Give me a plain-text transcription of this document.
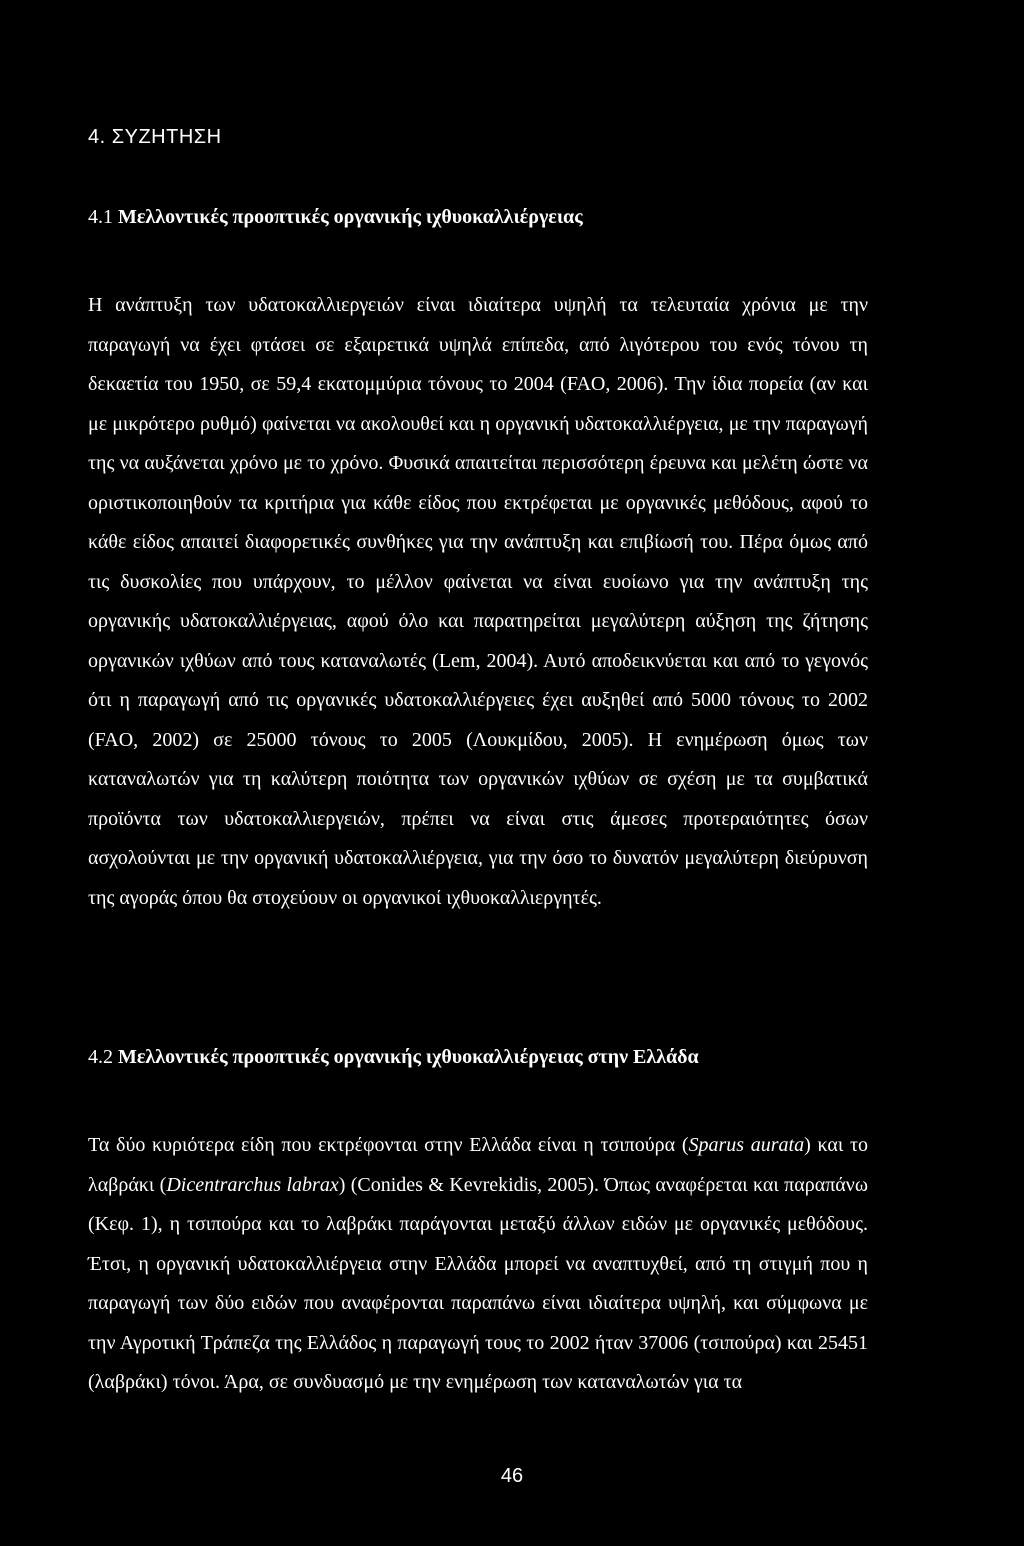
4. ΣΥΖΗΤΗΣΗ
4.1 Μελλοντικές προοπτικές οργανικής ιχθυοκαλλιέργειας

Η ανάπτυξη των υδατοκαλλιεργειών είναι ιδιαίτερα υψηλή τα τελευταία χρόνια με την παραγωγή να έχει φτάσει σε εξαιρετικά υψηλά επίπεδα, από λιγότερου του ενός τόνου τη δεκαετία του 1950, σε 59,4 εκατομμύρια τόνους το 2004 (FAO, 2006). Την ίδια πορεία (αν και με μικρότερο ρυθμό) φαίνεται να ακολουθεί και η οργανική υδατοκαλλιέργεια, με την παραγωγή της να αυξάνεται χρόνο με το χρόνο. Φυσικά απαιτείται περισσότερη έρευνα και μελέτη ώστε να οριστικοποιηθούν τα κριτήρια για κάθε είδος που εκτρέφεται με οργανικές μεθόδους, αφού το κάθε είδος απαιτεί διαφορετικές συνθήκες για την ανάπτυξη και επιβίωσή του. Πέρα όμως από τις δυσκολίες που υπάρχουν, το μέλλον φαίνεται να είναι ευοίωνο για την ανάπτυξη της οργανικής υδατοκαλλιέργειας, αφού όλο και παρατηρείται μεγαλύτερη αύξηση της ζήτησης οργανικών ιχθύων από τους καταναλωτές (Lem, 2004). Αυτό αποδεικνύεται και από το γεγονός ότι η παραγωγή από τις οργανικές υδατοκαλλιέργειες έχει αυξηθεί από 5000 τόνους το 2002 (FAO, 2002) σε 25000 τόνους το 2005 (Λουκμίδου, 2005). Η ενημέρωση όμως των καταναλωτών για τη καλύτερη ποιότητα των οργανικών ιχθύων σε σχέση με τα συμβατικά προϊόντα των υδατοκαλλιεργειών, πρέπει να είναι στις άμεσες προτεραιότητες όσων ασχολούνται με την οργανική υδατοκαλλιέργεια, για την όσο το δυνατόν μεγαλύτερη διεύρυνση της αγοράς όπου θα στοχεύουν οι οργανικοί ιχθυοκαλλιεργητές.

4.2 Μελλοντικές προοπτικές οργανικής ιχθυοκαλλιέργειας στην Ελλάδα

Τα δύο κυριότερα είδη που εκτρέφονται στην Ελλάδα είναι η τσιπούρα (Sparus aurata) και το λαβράκι (Dicentrarchus labrax) (Conides & Kevrekidis, 2005). Όπως αναφέρεται και παραπάνω (Κεφ. 1), η τσιπούρα και το λαβράκι παράγονται μεταξύ άλλων ειδών με οργανικές μεθόδους. Έτσι, η οργανική υδατοκαλλιέργεια στην Ελλάδα μπορεί να αναπτυχθεί, από τη στιγμή που η παραγωγή των δύο ειδών που αναφέρονται παραπάνω είναι ιδιαίτερα υψηλή, και σύμφωνα με την Αγροτική Τράπεζα της Ελλάδος η παραγωγή τους το 2002 ήταν 37006 (τσιπούρα) και 25451 (λαβράκι) τόνοι. Άρα, σε συνδυασμό με την ενημέρωση των καταναλωτών για τα

46
